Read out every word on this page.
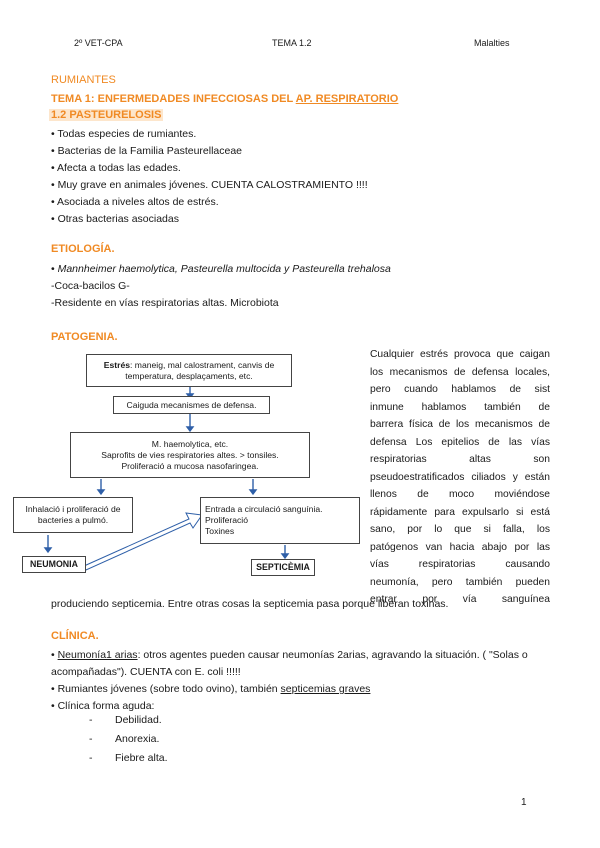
2º VET-CPA	TEMA 1.2	Malalties
RUMIANTES
TEMA 1: ENFERMEDADES INFECCIOSAS DEL AP. RESPIRATORIO
1.2 PASTEURELOSIS
• Todas especies de rumiantes.
• Bacterias de la Familia Pasteurellaceae
• Afecta a todas las edades.
• Muy grave en animales jóvenes. CUENTA CALOSTRAMIENTO !!!!
• Asociada a niveles altos de estrés.
• Otras bacterias asociadas
ETIOLOGÍA.
• Mannheimer haemolytica, Pasteurella multocida y Pasteurella trehalosa
-Coca-bacilos G-
-Residente en vías respiratorias altas. Microbiota
PATOGENIA.
Estrés: maneig, mal calostrament, canvis de
temperatura, desplaçaments, etc.
Caiguda mecanismes de defensa.
M. haemolytica, etc.
Saprofits de vies respiratories altes. > tonsiles.
Proliferació a mucosa nasofaringea.
Inhalació i proliferació de
bacteries a pulmó.
Entrada a circulació sanguínia.
Proliferació
Toxines
NEUMONIA	SEPTICÈMIA
Cualquier estrés provoca que caigan
los mecanismos de defensa locales,
pero cuando hablamos de sist
inmune hablamos también de
barrera física de los mecanismos de
defensa Los epitelios de las vías
respiratorias altas son
pseudoestratificados ciliados y están
llenos de moco moviéndose
rápidamente para expulsarlo si está
sano, por lo que si falla, los
patógenos van hacia abajo por las
vías respiratorias causando
neumonía, pero también pueden
entrar por vía sanguínea
produciendo septicemia. Entre otras cosas la septicemia pasa porque liberan toxinas.
CLÍNICA.
• Neumonía1 arias: otros agentes pueden causar neumonías 2arias, agravando la situación. ( "Solas o
acompañadas"). CUENTA con E. coli !!!!!
• Rumiantes jóvenes (sobre todo ovino), también septicemias graves
• Clínica forma aguda:
- Debilidad.
- Anorexia.
- Fiebre alta.
1
